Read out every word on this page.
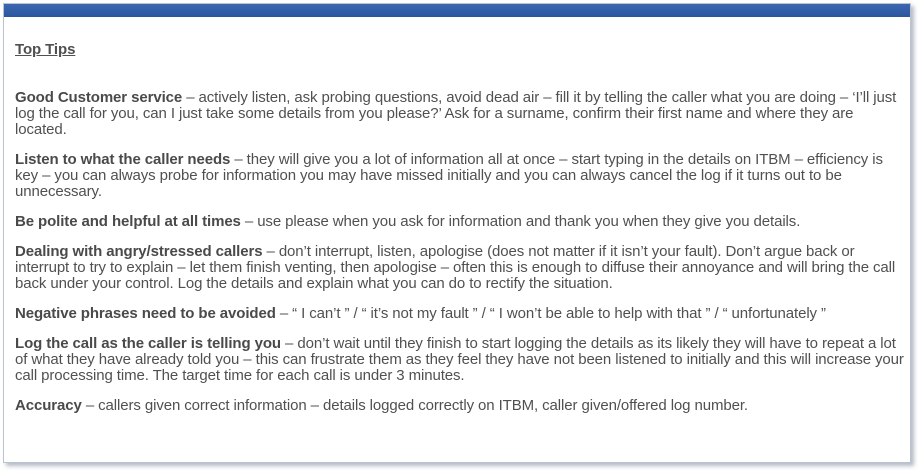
Top Tips
Good Customer service – actively listen, ask probing questions, avoid dead air – fill it by telling the caller what you are doing – ‘I’ll just log the call for you, can I just take some details from you please?’ Ask for a surname, confirm their first name and where they are located.
Listen to what the caller needs – they will give you a lot of information all at once – start typing in the details on ITBM – efficiency is key – you can always probe for information you may have missed initially and you can always cancel the log if it turns out to be unnecessary.
Be polite and helpful at all times – use please when you ask for information and thank you when they give you details.
Dealing with angry/stressed callers – don’t interrupt, listen, apologise (does not matter if it isn’t your fault). Don’t argue back or interrupt to try to explain – let them finish venting, then apologise – often this is enough to diffuse their annoyance and will bring the call back under your control. Log the details and explain what you can do to rectify the situation.
Negative phrases need to be avoided – “ I can’t ” / “ it’s not my fault ” / “ I won’t be able to help with that ” / “ unfortunately ”
Log the call as the caller is telling you – don’t wait until they finish to start logging the details as its likely they will have to repeat a lot of what they have already told you – this can frustrate them as they feel they have not been listened to initially and this will increase your call processing time. The target time for each call is under 3 minutes.
Accuracy – callers given correct information – details logged correctly on ITBM, caller given/offered log number.
